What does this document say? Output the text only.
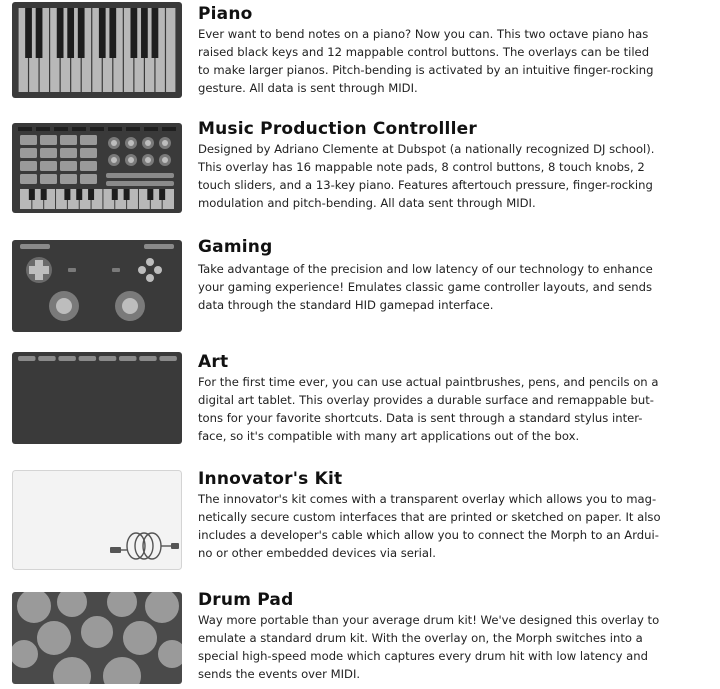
Piano
Ever want to bend notes on a piano? Now you can. This two octave piano has
raised black keys and 12 mappable control buttons. The overlays can be tiled
to make larger pianos. Pitch-bending is activated by an intuitive finger-rocking
gesture. All data is sent through MIDI.
Music Production Controlller
Designed by Adriano Clemente at Dubspot (a nationally recognized DJ school).
This overlay has 16 mappable note pads, 8 control buttons, 8 touch knobs, 2
touch sliders, and a 13-key piano. Features aftertouch pressure, finger-rocking
modulation and pitch-bending. All data sent through MIDI.
Gaming
Take advantage of the precision and low latency of our technology to enhance
your gaming experience! Emulates classic game controller layouts, and sends
data through the standard HID gamepad interface.
Art
For the first time ever, you can use actual paintbrushes, pens, and pencils on a
digital art tablet. This overlay provides a durable surface and remappable but-
tons for your favorite shortcuts. Data is sent through a standard stylus inter-
face, so it's compatible with many art applications out of the box.
Innovator's Kit
The innovator's kit comes with a transparent overlay which allows you to mag-
netically secure custom interfaces that are printed or sketched on paper. It also
includes a developer's cable which allow you to connect the Morph to an Ardui-
no or other embedded devices via serial.
Drum Pad
Way more portable than your average drum kit! We've designed this overlay to
emulate a standard drum kit. With the overlay on, the Morph switches into a
special high-speed mode which captures every drum hit with low latency and
sends the events over MIDI.
